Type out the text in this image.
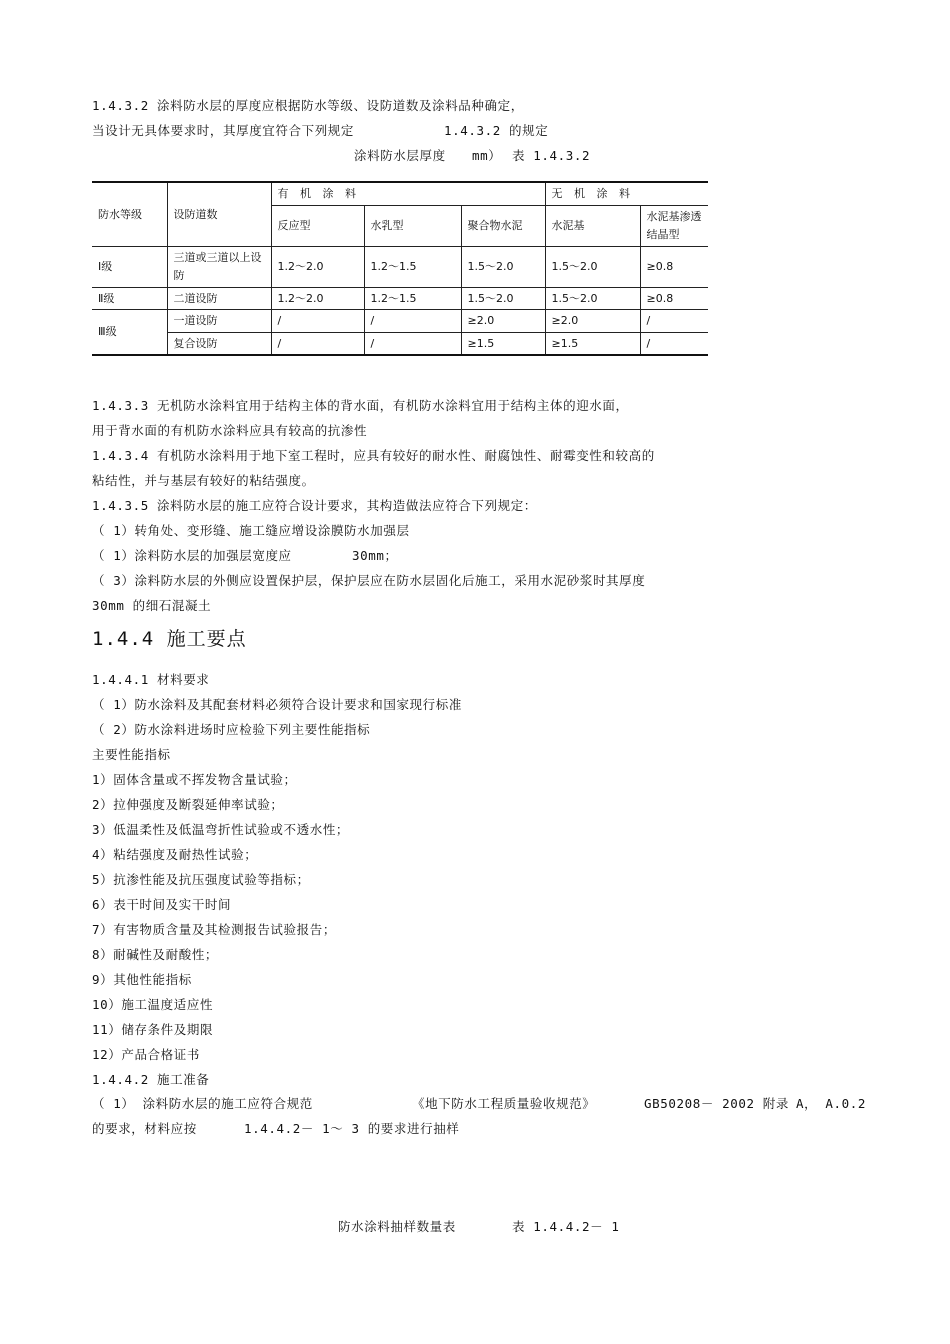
1.4.3.2 涂料防水层的厚度应根据防水等级、设防道数及涂料品种确定，
当设计无具体要求时，其厚度宜符合下列规定	1.4.3.2 的规定
涂料防水层厚度 mm） 表 1.4.3.2
防水等级	设防道数	有 机 涂 料			无 机 涂 料	
		反应型	水乳型	聚合物水泥	水泥基	水泥基渗透结晶型
Ⅰ级	三道或三道以上设防	1.2～2.0	1.2～1.5	1.5～2.0	1.5～2.0	≥0.8
Ⅱ级	二道设防	1.2～2.0	1.2～1.5	1.5～2.0	1.5～2.0	≥0.8
Ⅲ级	一道设防	/	/	≥2.0	≥2.0	/
	复合设防	/	/	≥1.5	≥1.5	/
1.4.3.3 无机防水涂料宜用于结构主体的背水面，有机防水涂料宜用于结构主体的迎水面，
用于背水面的有机防水涂料应具有较高的抗渗性
1.4.3.4 有机防水涂料用于地下室工程时，应具有较好的耐水性、耐腐蚀性、耐霉变性和较高的
粘结性，并与基层有较好的粘结强度。
1.4.3.5 涂料防水层的施工应符合设计要求，其构造做法应符合下列规定：
（ 1）转角处、变形缝、施工缝应增设涂膜防水加强层
（ 1）涂料防水层的加强层宽度应	30mm；
（ 3）涂料防水层的外侧应设置保护层，保护层应在防水层固化后施工，采用水泥砂浆时其厚度
30mm 的细石混凝土
1.4.4 施工要点
1.4.4.1 材料要求
（ 1）防水涂料及其配套材料必须符合设计要求和国家现行标准
（ 2）防水涂料进场时应检验下列主要性能指标
主要性能指标
1）固体含量或不挥发物含量试验；
2）拉伸强度及断裂延伸率试验；
3）低温柔性及低温弯折性试验或不透水性；
4）粘结强度及耐热性试验；
5）抗渗性能及抗压强度试验等指标；
6）表干时间及实干时间
7）有害物质含量及其检测报告试验报告；
8）耐碱性及耐酸性；
9）其他性能指标
10）施工温度适应性
11）储存条件及期限
12）产品合格证书
1.4.4.2 施工准备
（ 1） 涂料防水层的施工应符合规范	《地下防水工程质量验收规范》	GB50208－ 2002 附录 A， A.0.2
的要求，材料应按	1.4.4.2－ 1～ 3 的要求进行抽样
防水涂料抽样数量表	表 1.4.4.2－ 1
